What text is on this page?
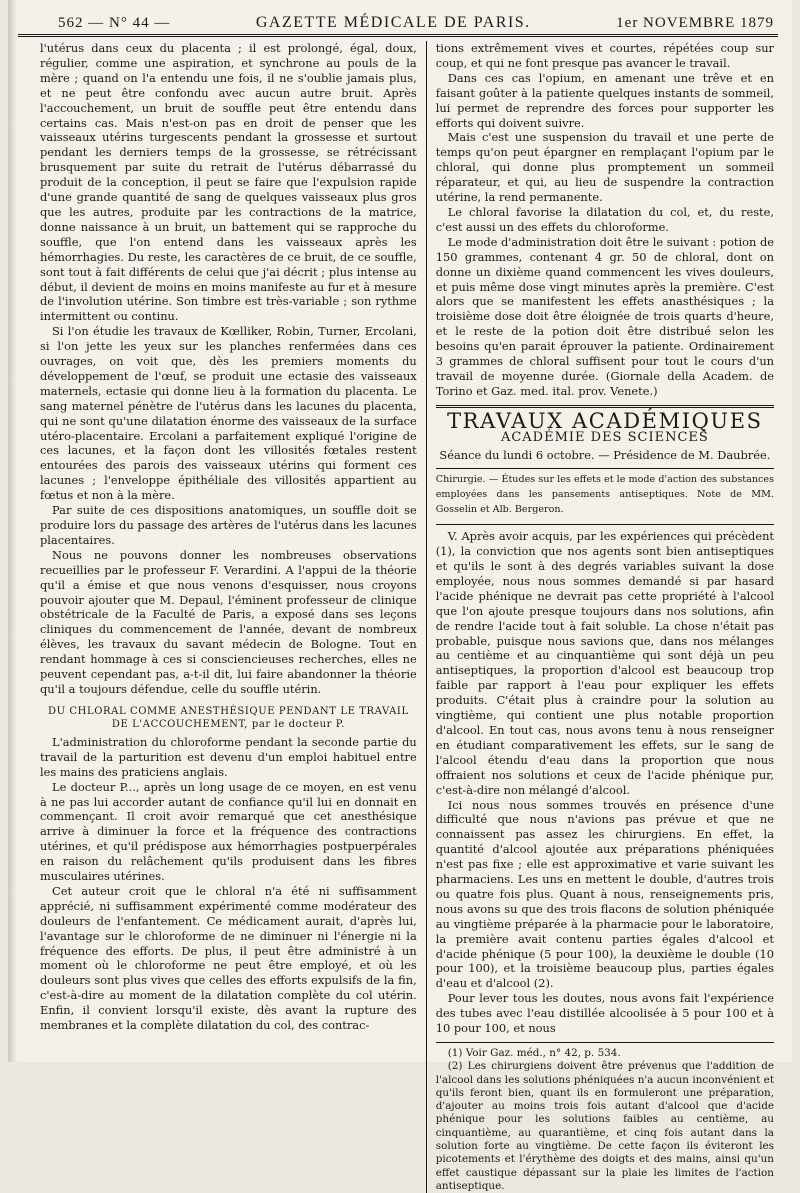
562 — N° 44 —	GAZETTE MÉDICALE DE PARIS.	1er NOVEMBRE 1879

l'utérus dans ceux du placenta ; il est prolongé, égal, doux, régulier, comme une aspiration, et synchrone au pouls de la mère ; quand on l'a entendu une fois, il ne s'oublie jamais plus, et ne peut être confondu avec aucun autre bruit. Après l'accouchement, un bruit de souffle peut être entendu dans certains cas. Mais n'est-on pas en droit de penser que les vaisseaux utérins turgescents pendant la grossesse et surtout pendant les derniers temps de la grossesse, se rétrécissant brusquement par suite du retrait de l'utérus débarrassé du produit de la conception, il peut se faire que l'expulsion rapide d'une grande quantité de sang de quelques vaisseaux plus gros que les autres, produite par les contractions de la matrice, donne naissance à un bruit, un battement qui se rapproche du souffle, que l'on entend dans les vaisseaux après les hémorrhagies. Du reste, les caractères de ce bruit, de ce souffle, sont tout à fait différents de celui que j'ai décrit ; plus intense au début, il devient de moins en moins manifeste au fur et à mesure de l'involution utérine. Son timbre est très-variable ; son rythme intermittent ou continu.

Si l'on étudie les travaux de Kœlliker, Robin, Turner, Ercolani, si l'on jette les yeux sur les planches renfermées dans ces ouvrages, on voit que, dès les premiers moments du développement de l'œuf, se produit une ectasie des vaisseaux maternels, ectasie qui donne lieu à la formation du placenta. Le sang maternel pénètre de l'utérus dans les lacunes du placenta, qui ne sont qu'une dilatation énorme des vaisseaux de la surface utéro-placentaire. Ercolani a parfaitement expliqué l'origine de ces lacunes, et la façon dont les villosités fœtales restent entourées des parois des vaisseaux utérins qui forment ces lacunes ; l'enveloppe épithéliale des villosités appartient au fœtus et non à la mère.

Par suite de ces dispositions anatomiques, un souffle doit se produire lors du passage des artères de l'utérus dans les lacunes placentaires.

Nous ne pouvons donner les nombreuses observations recueillies par le professeur F. Verardini. A l'appui de la théorie qu'il a émise et que nous venons d'esquisser, nous croyons pouvoir ajouter que M. Depaul, l'éminent professeur de clinique obstétricale de la Faculté de Paris, a exposé dans ses leçons cliniques du commencement de l'année, devant de nombreux élèves, les travaux du savant médecin de Bologne. Tout en rendant hommage à ces si consciencieuses recherches, elles ne peuvent cependant pas, a-t-il dit, lui faire abandonner la théorie qu'il a toujours défendue, celle du souffle utérin.

DU CHLORAL COMME ANESTHÉSIQUE PENDANT LE TRAVAIL DE L'ACCOUCHEMENT, par le docteur P.

L'administration du chloroforme pendant la seconde partie du travail de la parturition est devenu d'un emploi habituel entre les mains des praticiens anglais.

Le docteur P..., après un long usage de ce moyen, en est venu à ne pas lui accorder autant de confiance qu'il lui en donnait en commençant. Il croit avoir remarqué que cet anesthésique arrive à diminuer la force et la fréquence des contractions utérines, et qu'il prédispose aux hémorrhagies postpuerpérales en raison du relâchement qu'ils produisent dans les fibres musculaires utérines.

Cet auteur croit que le chloral n'a été ni suffisamment apprécié, ni suffisamment expérimenté comme modérateur des douleurs de l'enfantement. Ce médicament aurait, d'après lui, l'avantage sur le chloroforme de ne diminuer ni l'énergie ni la fréquence des efforts. De plus, il peut être administré à un moment où le chloroforme ne peut être employé, et où les douleurs sont plus vives que celles des efforts expulsifs de la fin, c'est-à-dire au moment de la dilatation complète du col utérin. Enfin, il convient lorsqu'il existe, dès avant la rupture des membranes et la complète dilatation du col, des contrac-

tions extrêmement vives et courtes, répétées coup sur coup, et qui ne font presque pas avancer le travail.

Dans ces cas l'opium, en amenant une trêve et en faisant goûter à la patiente quelques instants de sommeil, lui permet de reprendre des forces pour supporter les efforts qui doivent suivre.

Mais c'est une suspension du travail et une perte de temps qu'on peut épargner en remplaçant l'opium par le chloral, qui donne plus promptement un sommeil réparateur, et qui, au lieu de suspendre la contraction utérine, la rend permanente.

Le chloral favorise la dilatation du col, et, du reste, c'est aussi un des effets du chloroforme.

Le mode d'administration doit être le suivant : potion de 150 grammes, contenant 4 gr. 50 de chloral, dont on donne un dixième quand commencent les vives douleurs, et puis même dose vingt minutes après la première. C'est alors que se manifestent les effets anasthésiques ; la troisième dose doit être éloignée de trois quarts d'heure, et le reste de la potion doit être distribué selon les besoins qu'en parait éprouver la patiente. Ordinairement 3 grammes de chloral suffisent pour tout le cours d'un travail de moyenne durée. (Giornale della Academ. de Torino et Gaz. med. ital. prov. Venete.)

TRAVAUX ACADÉMIQUES
ACADÉMIE DES SCIENCES
Séance du lundi 6 octobre. — Présidence de M. Daubrée.

Chirurgie. — Études sur les effets et le mode d'action des substances employées dans les pansements antiseptiques. Note de MM. Gosselin et Alb. Bergeron.

V. Après avoir acquis, par les expériences qui précèdent (1), la conviction que nos agents sont bien antiseptiques et qu'ils le sont à des degrés variables suivant la dose employée, nous nous sommes demandé si par hasard l'acide phénique ne devrait pas cette propriété à l'alcool que l'on ajoute presque toujours dans nos solutions, afin de rendre l'acide tout à fait soluble. La chose n'était pas probable, puisque nous savions que, dans nos mélanges au centième et au cinquantième qui sont déjà un peu antiseptiques, la proportion d'alcool est beaucoup trop faible par rapport à l'eau pour expliquer les effets produits. C'était plus à craindre pour la solution au vingtième, qui contient une plus notable proportion d'alcool. En tout cas, nous avons tenu à nous renseigner en étudiant comparativement les effets, sur le sang de l'alcool étendu d'eau dans la proportion que nous offraient nos solutions et ceux de l'acide phénique pur, c'est-à-dire non mélangé d'alcool.

Ici nous nous sommes trouvés en présence d'une difficulté que nous n'avions pas prévue et que ne connaissent pas assez les chirurgiens. En effet, la quantité d'alcool ajoutée aux préparations phéniquées n'est pas fixe ; elle est approximative et varie suivant les pharmaciens. Les uns en mettent le double, d'autres trois ou quatre fois plus. Quant à nous, renseignements pris, nous avons su que des trois flacons de solution phéniquée au vingtième préparée à la pharmacie pour le laboratoire, la première avait contenu parties égales d'alcool et d'acide phénique (5 pour 100), la deuxième le double (10 pour 100), et la troisième beaucoup plus, parties égales d'eau et d'alcool (2).

Pour lever tous les doutes, nous avons fait l'expérience des tubes avec l'eau distillée alcoolisée à 5 pour 100 et à 10 pour 100, et nous

(1) Voir Gaz. méd., n° 42, p. 534.

(2) Les chirurgiens doivent être prévenus que l'addition de l'alcool dans les solutions phéniquées n'a aucun inconvénient et qu'ils feront bien, quant ils en formuleront une préparation, d'ajouter au moins trois fois autant d'alcool que d'acide phénique pour les solutions faibles au centième, au cinquantième, au quarantième, et cinq fois autant dans la solution forte au vingtième. De cette façon ils éviteront les picotements et l'érythème des doigts et des mains, ainsi qu'un effet caustique dépassant sur la plaie les limites de l'action antiseptique.
